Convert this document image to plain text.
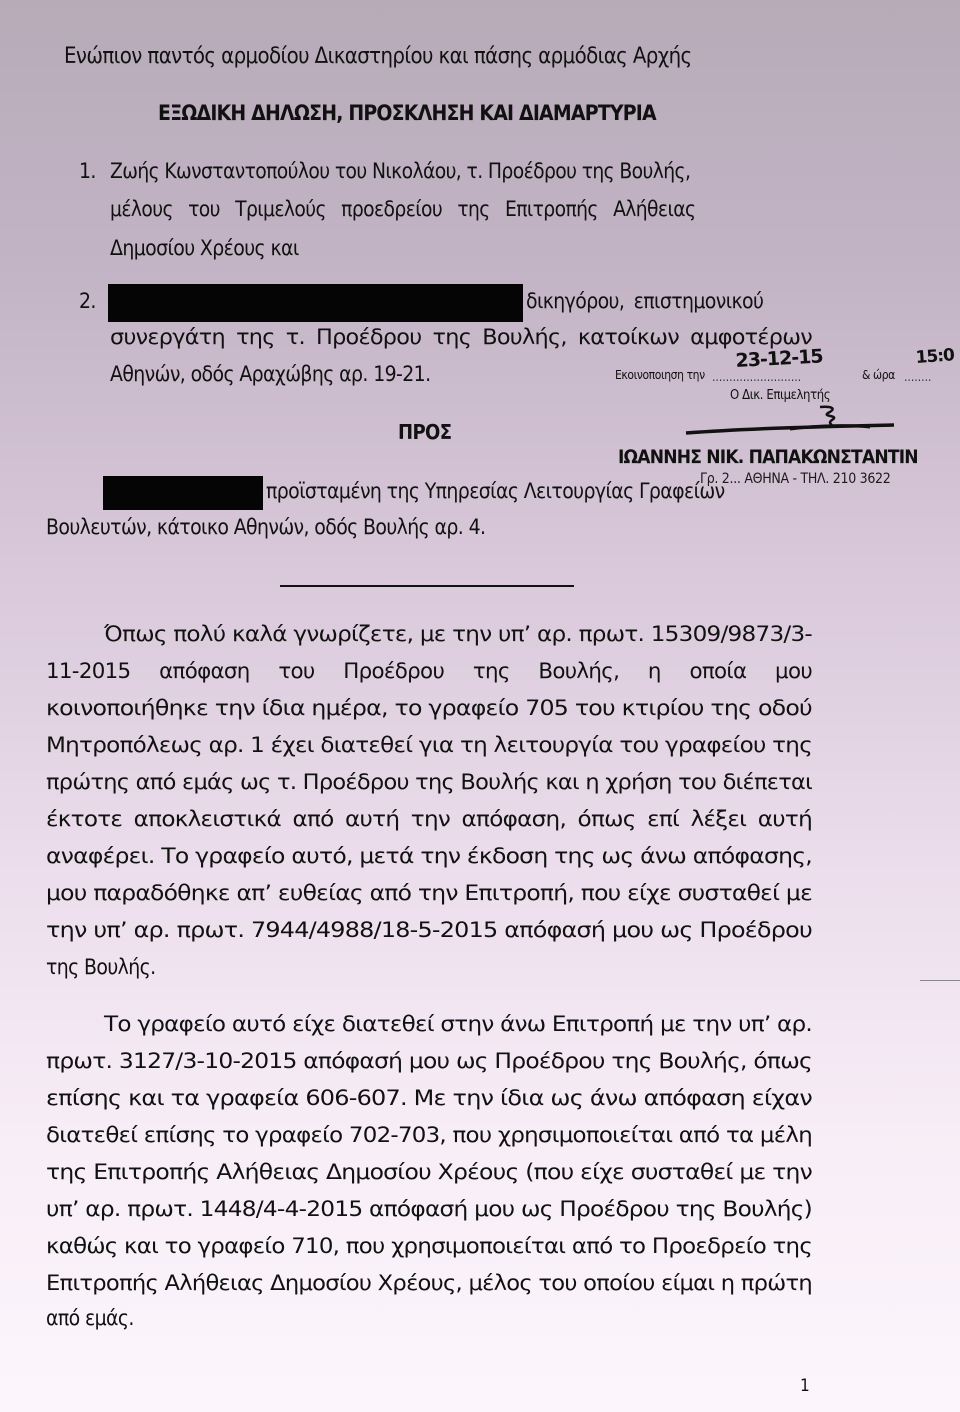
Ενώπιον παντός αρμοδίου Δικαστηρίου και πάσης αρμόδιας Αρχής
ΕΞΩΔΙΚΗ ΔΗΛΩΣΗ, ΠΡΟΣΚΛΗΣΗ ΚΑΙ ΔΙΑΜΑΡΤΥΡΙΑ
1. Ζωής Κωνσταντοπούλου του Νικολάου, τ. Προέδρου της Βουλής,
μέλους του Τριμελούς προεδρείου της Επιτροπής Αλήθειας
Δημοσίου Χρέους και
2.	δικηγόρου, επιστημονικού
συνεργάτη της τ. Προέδρου της Βουλής, κατοίκων αμφοτέρων
Αθηνών, οδός Αραχώβης αρ. 19-21.
ΠΡΟΣ
προϊσταμένη της Υπηρεσίας Λειτουργίας Γραφείων
Βουλευτών, κάτοικο Αθηνών, οδός Βουλής αρ. 4.
Εκοινοποιηση την ..........................
23-12-15
& ώρα ........
15:0
Ο Δικ. Επιμελητής
ΙΩΑΝΝΗΣ ΝΙΚ. ΠΑΠΑΚΩΝΣΤΑΝΤΙΝ
Γρ. 2... ΑΘΗΝΑ - ΤΗΛ. 210 3622
Όπως πολύ καλά γνωρίζετε, με την υπ’ αρ. πρωτ. 15309/9873/3-
11-2015 απόφαση του Προέδρου της Βουλής, η οποία μου
κοινοποιήθηκε την ίδια ημέρα, το γραφείο 705 του κτιρίου της οδού
Μητροπόλεως αρ. 1 έχει διατεθεί για τη λειτουργία του γραφείου της
πρώτης από εμάς ως τ. Προέδρου της Βουλής και η χρήση του διέπεται
έκτοτε αποκλειστικά από αυτή την απόφαση, όπως επί λέξει αυτή
αναφέρει. Το γραφείο αυτό, μετά την έκδοση της ως άνω απόφασης,
μου παραδόθηκε απ’ ευθείας από την Επιτροπή, που είχε συσταθεί με
την υπ’ αρ. πρωτ. 7944/4988/18-5-2015 απόφασή μου ως Προέδρου
της Βουλής.
Το γραφείο αυτό είχε διατεθεί στην άνω Επιτροπή με την υπ’ αρ.
πρωτ. 3127/3-10-2015 απόφασή μου ως Προέδρου της Βουλής, όπως
επίσης και τα γραφεία 606-607. Με την ίδια ως άνω απόφαση είχαν
διατεθεί επίσης το γραφείο 702-703, που χρησιμοποιείται από τα μέλη
της Επιτροπής Αλήθειας Δημοσίου Χρέους (που είχε συσταθεί με την
υπ’ αρ. πρωτ. 1448/4-4-2015 απόφασή μου ως Προέδρου της Βουλής)
καθώς και το γραφείο 710, που χρησιμοποιείται από το Προεδρείο της
Επιτροπής Αλήθειας Δημοσίου Χρέους, μέλος του οποίου είμαι η πρώτη
από εμάς.
1
